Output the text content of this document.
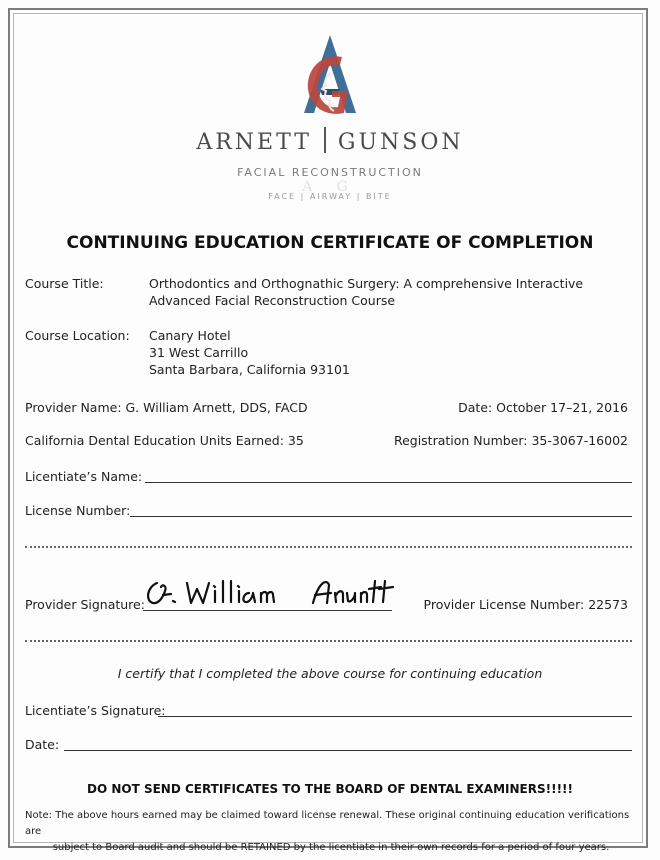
ARNETT GUNSON
FACIAL RECONSTRUCTION
A G
FACE | AIRWAY | BITE
CONTINUING EDUCATION CERTIFICATE OF COMPLETION
Course Title:	Orthodontics and Orthognathic Surgery: A comprehensive Interactive
Advanced Facial Reconstruction Course
Course Location: Canary Hotel
31 West Carrillo
Santa Barbara, California 93101
Provider Name: G. William Arnett, DDS, FACD	Date: October 17–21, 2016
California Dental Education Units Earned: 35	Registration Number: 35-3067-16002
Licentiate’s Name:
License Number:
Provider Signature:	Provider License Number: 22573
I certify that I completed the above course for continuing education
Licentiate’s Signature:
Date:
DO NOT SEND CERTIFICATES TO THE BOARD OF DENTAL EXAMINERS!!!!!
Note: The above hours earned may be claimed toward license renewal. These original continuing education verifications are
subject to Board audit and should be RETAINED by the licentiate in their own records for a period of four years.
